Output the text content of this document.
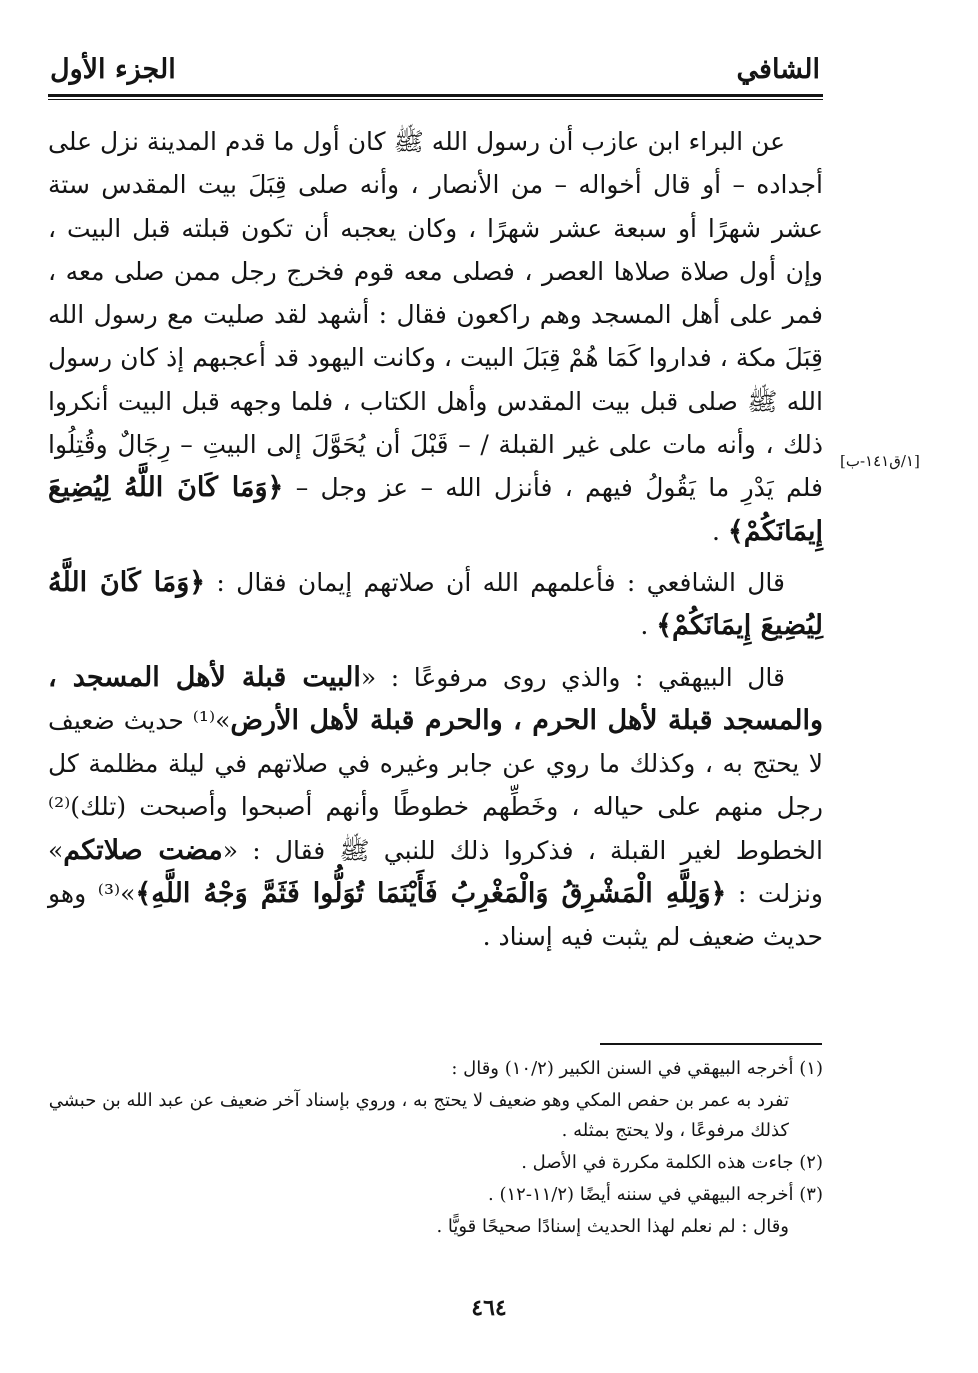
الشافي
الجزء الأول

عن البراء ابن عازب أن رسول الله ﷺ كان أول ما قدم المدينة نزل على أجداده – أو قال أخواله – من الأنصار ، وأنه صلى قِبَلَ بيت المقدس ستة عشر شهرًا أو سبعة عشر شهرًا ، وكان يعجبه أن تكون قبلته قبل البيت ، وإن أول صلاة صلاها العصر ، فصلى معه قوم فخرج رجل ممن صلى معه ، فمر على أهل المسجد وهم راكعون فقال : أشهد لقد صليت مع رسول الله قِبَلَ مكة ، فداروا كَمَا هُمْ قِبَلَ البيت ، وكانت اليهود قد أعجبهم إذ كان رسول الله ﷺ صلى قبل بيت المقدس وأهل الكتاب ، فلما وجهه قبل البيت أنكروا ذلك ، وأنه مات على غير القبلة / – قَبْلَ أن يُحَوَّلَ إلى البيتِ – رِجَالٌ وقُتِلُوا فلم يَدْرِ ما يَقُولُ فيهم ، فأنزل الله – عز وجل – ﴿وَمَا كَانَ اللَّهُ لِيُضِيعَ إِيمَانَكُمْ﴾ .

قال الشافعي : فأعلمهم الله أن صلاتهم إيمان فقال : ﴿وَمَا كَانَ اللَّهُ لِيُضِيعَ إِيمَانَكُمْ﴾ .

قال البيهقي : والذي روى مرفوعًا : «البيت قبلة لأهل المسجد ، والمسجد قبلة لأهل الحرم ، والحرم قبلة لأهل الأرض»⁽¹⁾ حديث ضعيف لا يحتج به ، وكذلك ما روي عن جابر وغيره في صلاتهم في ليلة مظلمة كل رجل منهم على حياله ، وخَطِّهم خطوطًا وأنهم أصبحوا وأصبحت (تلك)⁽²⁾ الخطوط لغير القبلة ، فذكروا ذلك للنبي ﷺ فقال : «مضت صلاتكم» ونزلت : ﴿وَلِلَّهِ الْمَشْرِقُ وَالْمَغْرِبُ فَأَيْنَمَا تُوَلُّوا فَثَمَّ وَجْهُ اللَّهِ﴾»⁽³⁾ وهو حديث ضعيف لم يثبت فيه إسناد .

[١/ق١٤١-ب]
(١) أخرجه البيهقي في السنن الكبير (١٠/٢) وقال :
تفرد به عمر بن حفص المكي وهو ضعيف لا يحتج به ، وروي بإسناد آخر ضعيف عن عبد الله بن حبشي كذلك مرفوعًا ، ولا يحتج بمثله .
(٢) جاءت هذه الكلمة مكررة في الأصل .
(٣) أخرجه البيهقي في سننه أيضًا (١١/٢-١٢) .
وقال : لم نعلم لهذا الحديث إسنادًا صحيحًا قويًّا .
٤٦٤
